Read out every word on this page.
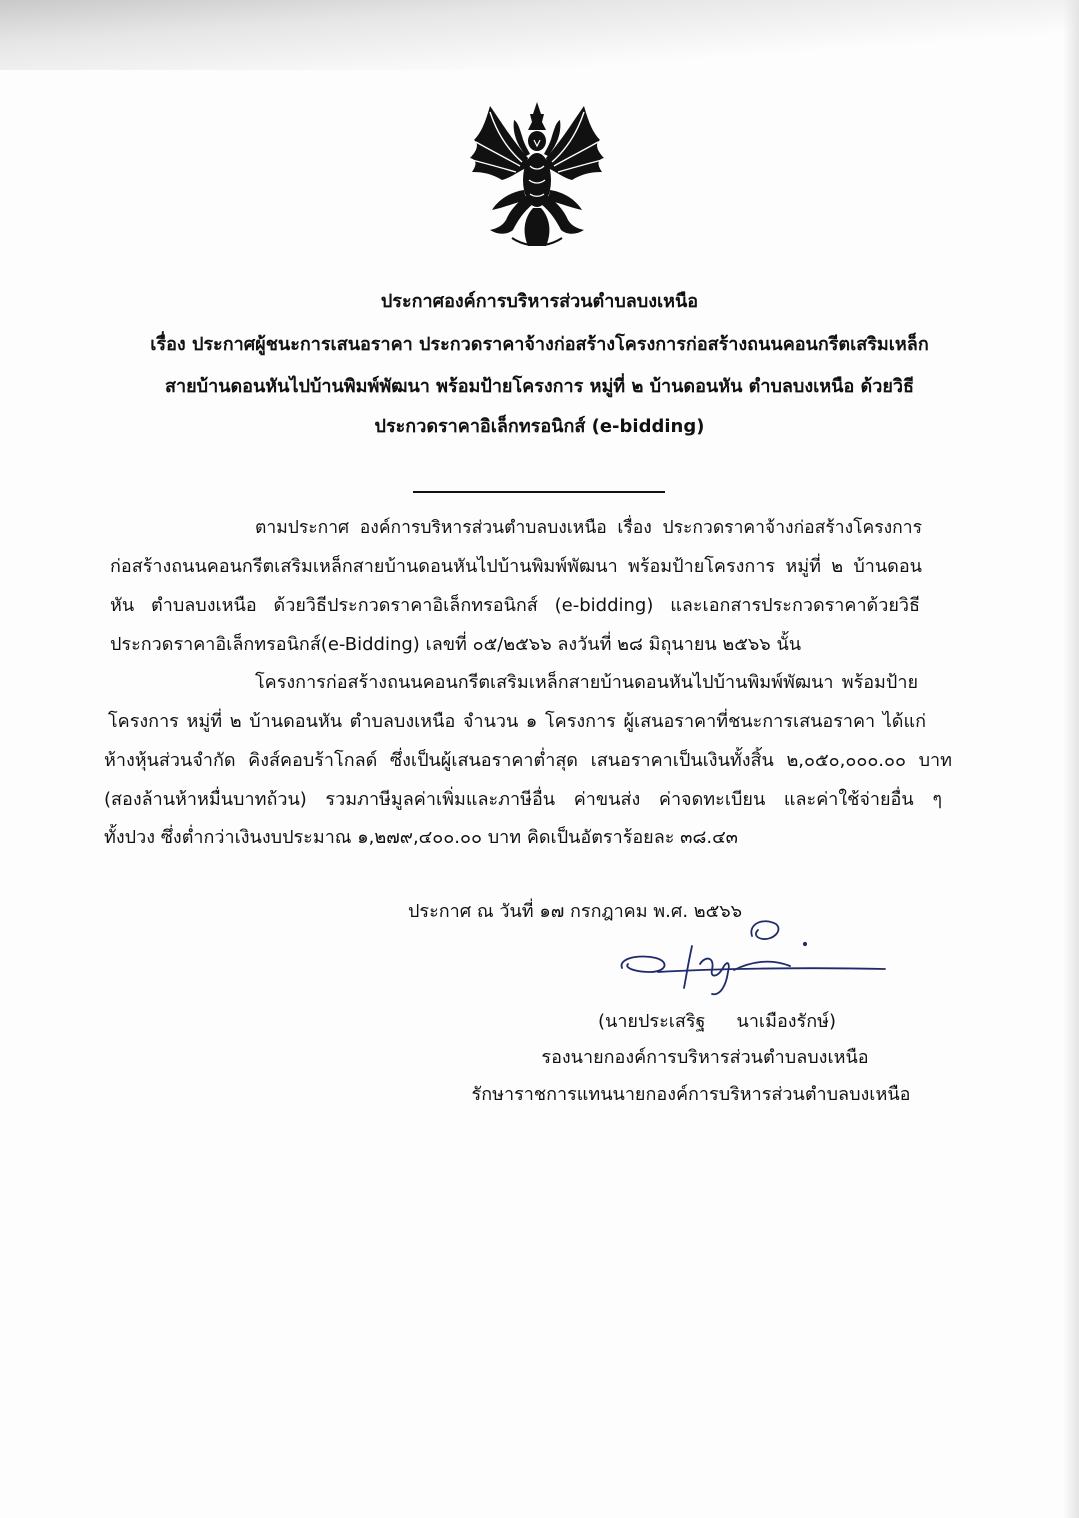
ประกาศองค์การบริหารส่วนตำบลบงเหนือ
เรื่อง ประกาศผู้ชนะการเสนอราคา ประกวดราคาจ้างก่อสร้างโครงการก่อสร้างถนนคอนกรีตเสริมเหล็ก
สายบ้านดอนหันไปบ้านพิมพ์พัฒนา พร้อมป้ายโครงการ หมู่ที่ ๒ บ้านดอนหัน ตำบลบงเหนือ ด้วยวิธี
ประกวดราคาอิเล็กทรอนิกส์ (e-bidding)
ตามประกาศ องค์การบริหารส่วนตำบลบงเหนือ เรื่อง ประกวดราคาจ้างก่อสร้างโครงการ
ก่อสร้างถนนคอนกรีตเสริมเหล็กสายบ้านดอนหันไปบ้านพิมพ์พัฒนา พร้อมป้ายโครงการ หมู่ที่ ๒ บ้านดอน
หัน ตำบลบงเหนือ ด้วยวิธีประกวดราคาอิเล็กทรอนิกส์ (e-bidding) และเอกสารประกวดราคาด้วยวิธี
ประกวดราคาอิเล็กทรอนิกส์(e-Bidding) เลขที่ ๐๕/๒๕๖๖ ลงวันที่ ๒๘ มิถุนายน ๒๕๖๖ นั้น
โครงการก่อสร้างถนนคอนกรีตเสริมเหล็กสายบ้านดอนหันไปบ้านพิมพ์พัฒนา พร้อมป้าย
โครงการ หมู่ที่ ๒ บ้านดอนหัน ตำบลบงเหนือ จำนวน ๑ โครงการ ผู้เสนอราคาที่ชนะการเสนอราคา ได้แก่
ห้างหุ้นส่วนจำกัด คิงส์คอบร้าโกลด์ ซึ่งเป็นผู้เสนอราคาต่ำสุด เสนอราคาเป็นเงินทั้งสิ้น ๒,๐๕๐,๐๐๐.๐๐ บาท
(สองล้านห้าหมื่นบาทถ้วน) รวมภาษีมูลค่าเพิ่มและภาษีอื่น ค่าขนส่ง ค่าจดทะเบียน และค่าใช้จ่ายอื่น ๆ
ทั้งปวง ซึ่งต่ำกว่าเงินงบประมาณ ๑,๒๗๙,๔๐๐.๐๐ บาท คิดเป็นอัตราร้อยละ ๓๘.๔๓
ประกาศ ณ วันที่ ๑๗ กรกฎาคม พ.ศ. ๒๕๖๖
(นายประเสริฐ นาเมืองรักษ์)
รองนายกองค์การบริหารส่วนตำบลบงเหนือ
รักษาราชการแทนนายกองค์การบริหารส่วนตำบลบงเหนือ
